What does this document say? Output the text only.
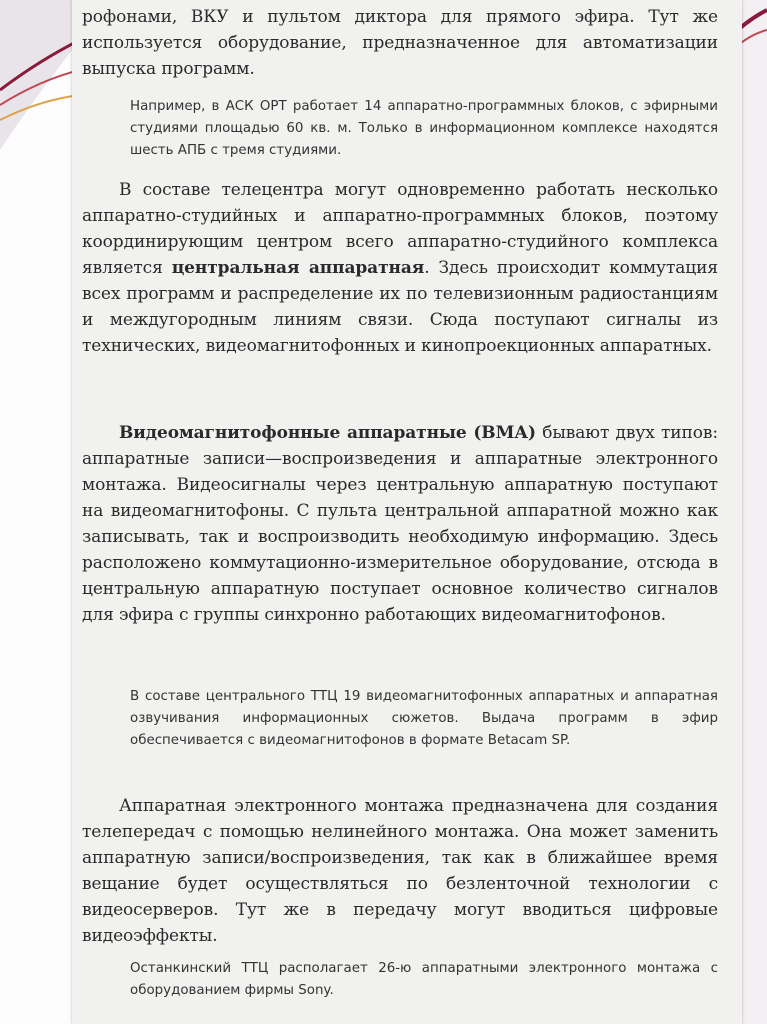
рофонами, ВКУ и пультом диктора для прямого эфира. Тут же используется оборудование, предназначенное для автоматизации выпуска программ.

Например, в АСК ОРТ работает 14 аппаратно-программных блоков, с эфирными студиями площадью 60 кв. м. Только в информационном комплексе находятся шесть АПБ с тремя студиями.

В составе телецентра могут одновременно работать несколько аппаратно-студийных и аппаратно-программных блоков, поэтому координирующим центром всего аппаратно-студийного комплекса является центральная аппаратная. Здесь происходит коммутация всех программ и распределение их по телевизионным радиостанциям и междугородным линиям связи. Сюда поступают сигналы из технических, видеомагнитофонных и кинопроекционных аппаратных.

Видеомагнитофонные аппаратные (ВМА) бывают двух типов: аппаратные записи—воспроизведения и аппаратные электронного монтажа. Видеосигналы через центральную аппаратную поступают на видеомагнитофоны. С пульта центральной аппаратной можно как записывать, так и воспроизводить необходимую информацию. Здесь расположено коммутационно-измерительное оборудование, отсюда в центральную аппаратную поступает основное количество сигналов для эфира с группы синхронно работающих видеомагнитофонов.

В составе центрального ТТЦ 19 видеомагнитофонных аппаратных и аппаратная озвучивания информационных сюжетов. Выдача программ в эфир обеспечивается с видеомагнитофонов в формате Betacam SP.

Аппаратная электронного монтажа предназначена для создания телепередач с помощью нелинейного монтажа. Она может заменить аппаратную записи/воспроизведения, так как в ближайшее время вещание будет осуществляться по безленточной технологии с видеосерверов. Тут же в передачу могут вводиться цифровые видеоэффекты.

Останкинский ТТЦ располагает 26-ю аппаратными электронного монтажа с оборудованием фирмы Sony.
